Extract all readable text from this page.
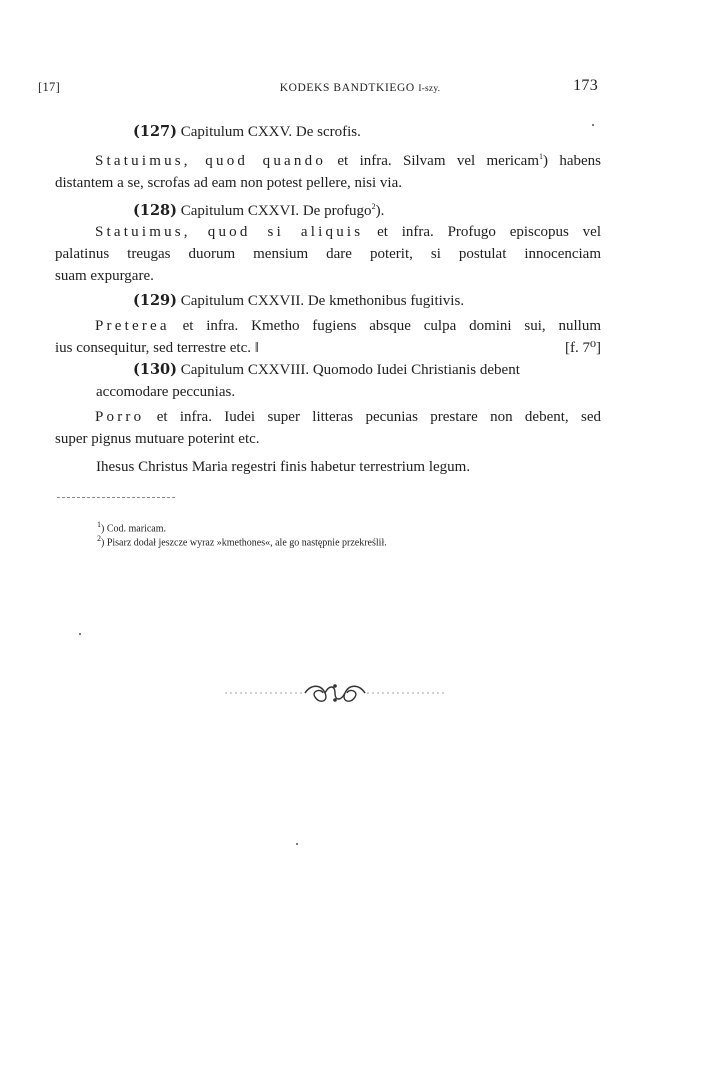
[17]	KODEKS BANDTKIEGO I-szy.	173
(127) Capitulum CXXV. De scrofis.
Statuimus, quod quando et infra. Silvam vel mericam$^1$) habens
distantem a se, scrofas ad eam non potest pellere, nisi via.
(128) Capitulum CXXVI. De profugo$^2$).
Statuimus, quod si aliquis et infra. Profugo episcopus vel
palatinus treugas duorum mensium dare poterit, si postulat innocenciam
suam expurgare.
(129) Capitulum CXXVII. De kmethonibus fugitivis.
Preterea et infra. Kmetho fugiens absque culpa domini sui, nullum
ius consequitur, sed terrestre etc. ‖	[f. 7⁰]
(130) Capitulum CXXVIII. Quomodo Iudei Christianis debent
accomodare peccunias.
Porro et infra. Iudei super litteras pecunias prestare non debent, sed
super pignus mutuare poterint etc.
Ihesus Christus Maria regestri finis habetur terrestrium legum.
$^1$) Cod. maricam.
$^2$) Pisarz dodał jeszcze wyraz »kmethones«, ale go następnie przekreślił.
